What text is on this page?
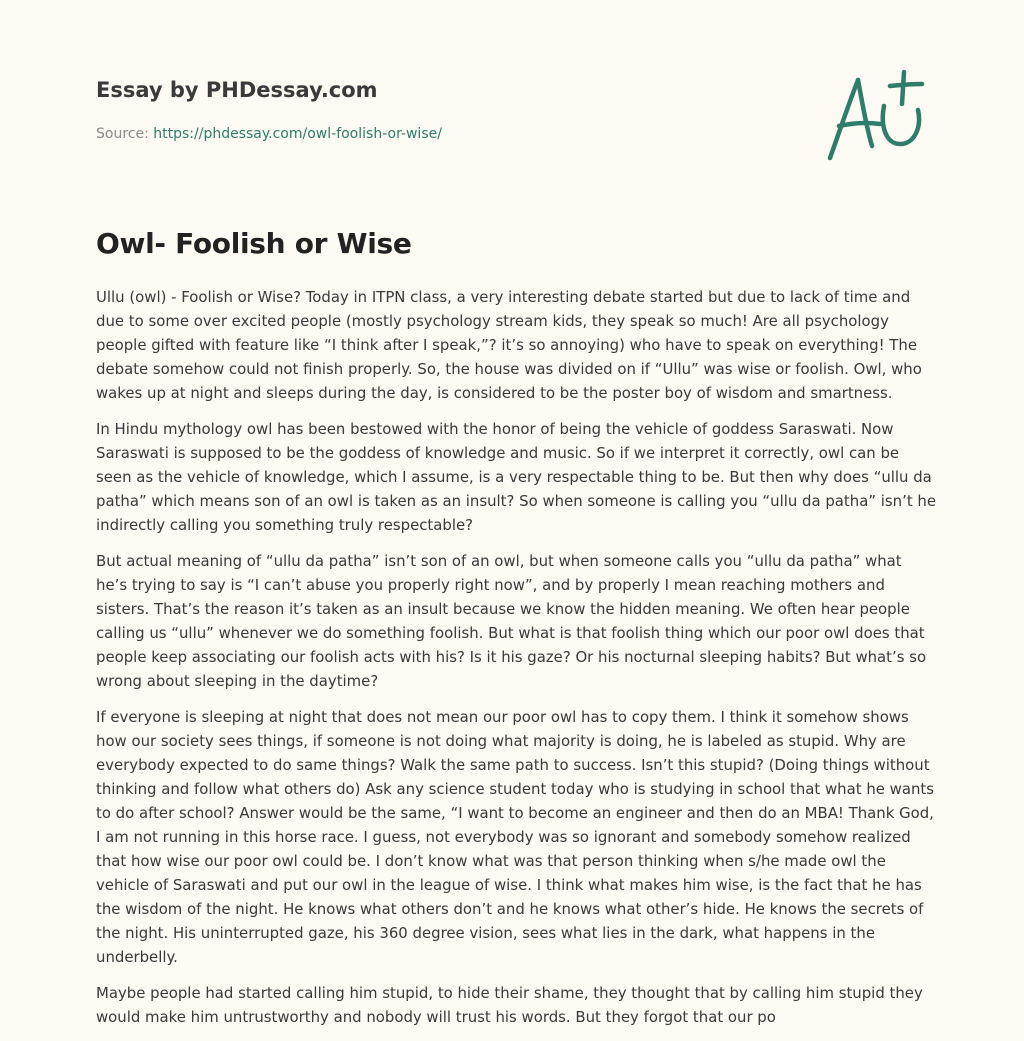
Essay by PHDessay.com
Source: https://phdessay.com/owl-foolish-or-wise/
Owl- Foolish or Wise

Ullu (owl) - Foolish or Wise? Today in ITPN class, a very interesting debate started but due to lack of time and due to some over excited people (mostly psychology stream kids, they speak so much! Are all psychology people gifted with feature like “I think after I speak,”? it’s so annoying) who have to speak on everything! The debate somehow could not finish properly. So, the house was divided on if “Ullu” was wise or foolish. Owl, who wakes up at night and sleeps during the day, is considered to be the poster boy of wisdom and smartness.

In Hindu mythology owl has been bestowed with the honor of being the vehicle of goddess Saraswati. Now Saraswati is supposed to be the goddess of knowledge and music. So if we interpret it correctly, owl can be seen as the vehicle of knowledge, which I assume, is a very respectable thing to be. But then why does “ullu da patha” which means son of an owl is taken as an insult? So when someone is calling you “ullu da patha” isn’t he indirectly calling you something truly respectable?

But actual meaning of “ullu da patha” isn’t son of an owl, but when someone calls you “ullu da patha” what he’s trying to say is “I can’t abuse you properly right now”, and by properly I mean reaching mothers and sisters. That’s the reason it’s taken as an insult because we know the hidden meaning. We often hear people calling us “ullu” whenever we do something foolish. But what is that foolish thing which our poor owl does that people keep associating our foolish acts with his? Is it his gaze? Or his nocturnal sleeping habits? But what’s so wrong about sleeping in the daytime?

If everyone is sleeping at night that does not mean our poor owl has to copy them. I think it somehow shows how our society sees things, if someone is not doing what majority is doing, he is labeled as stupid. Why are everybody expected to do same things? Walk the same path to success. Isn’t this stupid? (Doing things without thinking and follow what others do) Ask any science student today who is studying in school that what he wants to do after school? Answer would be the same, “I want to become an engineer and then do an MBA! Thank God, I am not running in this horse race. I guess, not everybody was so ignorant and somebody somehow realized that how wise our poor owl could be. I don’t know what was that person thinking when s/he made owl the vehicle of Saraswati and put our owl in the league of wise. I think what makes him wise, is the fact that he has the wisdom of the night. He knows what others don’t and he knows what other’s hide. He knows the secrets of the night. His uninterrupted gaze, his 360 degree vision, sees what lies in the dark, what happens in the underbelly.

Maybe people had started calling him stupid, to hide their shame, they thought that by calling him stupid they would make him untrustworthy and nobody will trust his words. But they forgot that our po
